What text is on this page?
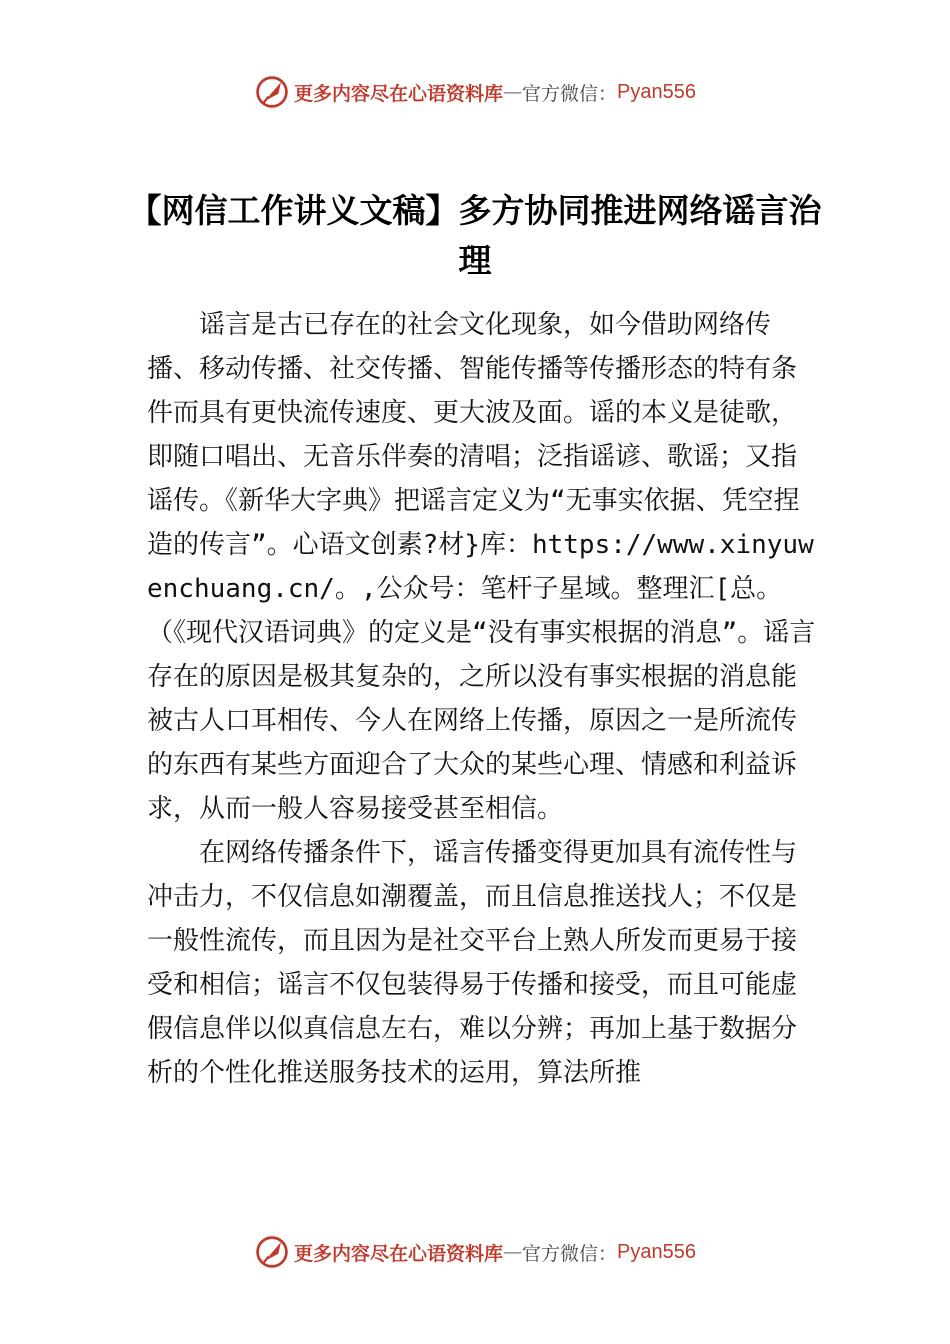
更多内容尽在心语资料库 — 官方微信： Pyan556
【网信工作讲义文稿】多方协同推进网络谣言治理

谣言是古已存在的社会文化现象，如今借助网络传播、移动传播、社交传播、智能传播等传播形态的特有条件而具有更快流传速度、更大波及面。谣的本义是徒歌，即随口唱出、无音乐伴奏的清唱；泛指谣谚、歌谣；又指谣传。《新华大字典》把谣言定义为“无事实依据、凭空捏造的传言”。心语文创素?材}库：https://www.xinyuwenchuang.cn/。,公众号：笔杆子星域。整理汇[总。（《现代汉语词典》的定义是“没有事实根据的消息”。谣言存在的原因是极其复杂的，之所以没有事实根据的消息能被古人口耳相传、今人在网络上传播，原因之一是所流传的东西有某些方面迎合了大众的某些心理、情感和利益诉求，从而一般人容易接受甚至相信。

在网络传播条件下，谣言传播变得更加具有流传性与冲击力，不仅信息如潮覆盖，而且信息推送找人；不仅是一般性流传，而且因为是社交平台上熟人所发而更易于接受和相信；谣言不仅包装得易于传播和接受，而且可能虚假信息伴以似真信息左右，难以分辨；再加上基于数据分析的个性化推送服务技术的运用，算法所推

更多内容尽在心语资料库 — 官方微信： Pyan556
